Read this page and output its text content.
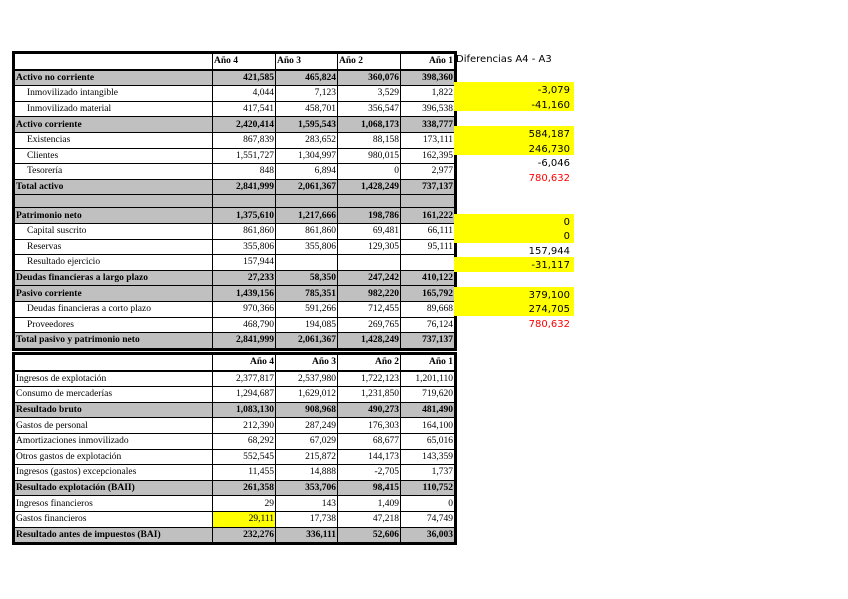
	Año 4	Año 3	Año 2	Año 1
Activo no corriente	421,585	465,824	360,076	398,360
Inmovilizado intangible	4,044	7,123	3,529	1,822
Inmovilizado material	417,541	458,701	356,547	396,538
Activo corriente	2,420,414	1,595,543	1,068,173	338,777
Existencias	867,839	283,652	88,158	173,111
Clientes	1,551,727	1,304,997	980,015	162,395
Tesorería	848	6,894	0	2,977
Total activo	2,841,999	2,061,367	1,428,249	737,137

Patrimonio neto	1,375,610	1,217,666	198,786	161,222
Capital suscrito	861,860	861,860	69,481	66,111
Reservas	355,806	355,806	129,305	95,111
Resultado ejercicio	157,944			
Deudas financieras a largo plazo	27,233	58,350	247,242	410,122
Pasivo corriente	1,439,156	785,351	982,220	165,792
Deudas financieras a corto plazo	970,366	591,266	712,455	89,668
Proveedores	468,790	194,085	269,765	76,124
Total pasivo y patrimonio neto	2,841,999	2,061,367	1,428,249	737,137
Diferencias A4 - A3
-3,079
-41,160
584,187
246,730
-6,046
780,632
0
0
157,944
-31,117
379,100
274,705
780,632
	Año 4	Año 3	Año 2	Año 1
Ingresos de explotación	2,377,817	2,537,980	1,722,123	1,201,110
Consumo de mercaderías	1,294,687	1,629,012	1,231,850	719,620
Resultado bruto	1,083,130	908,968	490,273	481,490
Gastos de personal	212,390	287,249	176,303	164,100
Amortizaciones inmovilizado	68,292	67,029	68,677	65,016
Otros gastos de explotación	552,545	215,872	144,173	143,359
Ingresos (gastos) excepcionales	11,455	14,888	-2,705	1,737
Resultado explotación (BAII)	261,358	353,706	98,415	110,752
Ingresos financieros	29	143	1,409	0
Gastos financieros	29,111	17,738	47,218	74,749
Resultado antes de impuestos (BAI)	232,276	336,111	52,606	36,003
